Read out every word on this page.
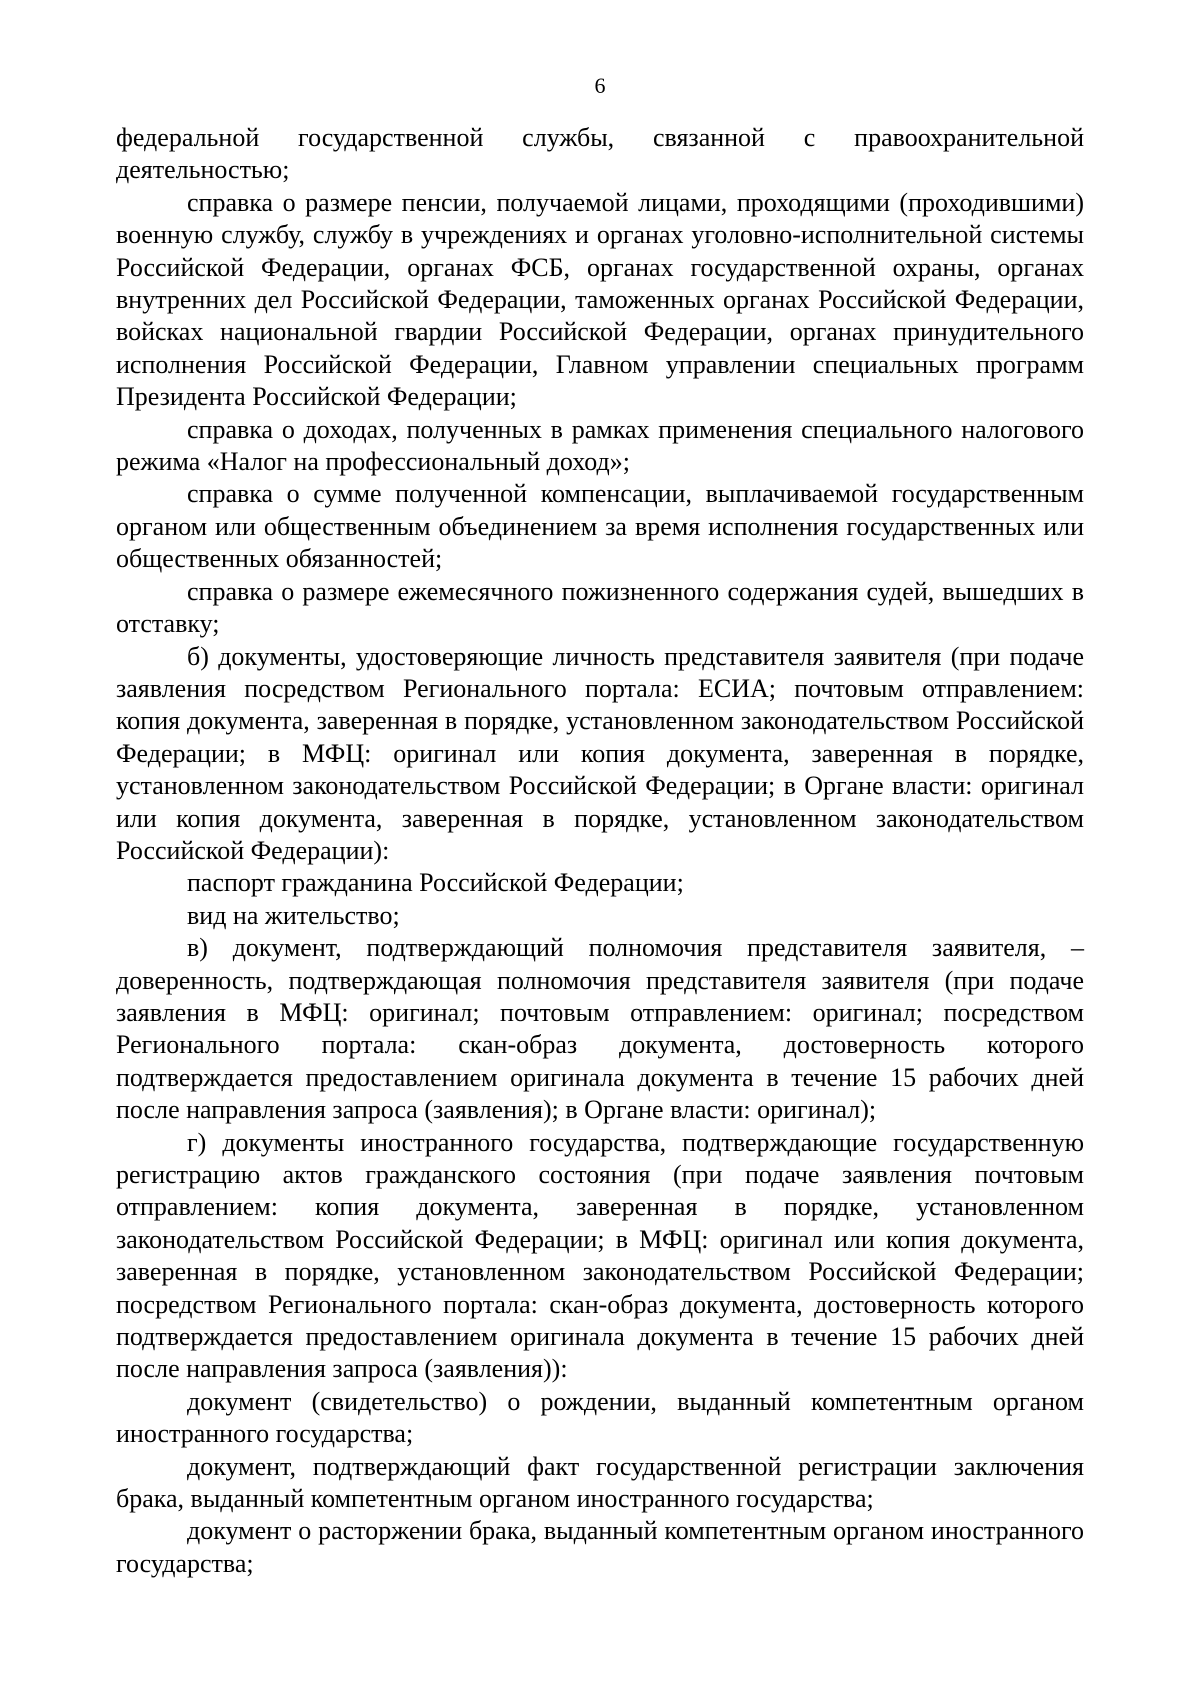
6

федеральной государственной службы, связанной с правоохранительной деятельностью;

справка о размере пенсии, получаемой лицами, проходящими (проходившими) военную службу, службу в учреждениях и органах уголовно-исполнительной системы Российской Федерации, органах ФСБ, органах государственной охраны, органах внутренних дел Российской Федерации, таможенных органах Российской Федерации, войсках национальной гвардии Российской Федерации, органах принудительного исполнения Российской Федерации, Главном управлении специальных программ Президента Российской Федерации;

справка о доходах, полученных в рамках применения специального налогового режима «Налог на профессиональный доход»;

справка о сумме полученной компенсации, выплачиваемой государственным органом или общественным объединением за время исполнения государственных или общественных обязанностей;

справка о размере ежемесячного пожизненного содержания судей, вышедших в отставку;

б) документы, удостоверяющие личность представителя заявителя (при подаче заявления посредством Регионального портала: ЕСИА; почтовым отправлением: копия документа, заверенная в порядке, установленном законодательством Российской Федерации; в МФЦ: оригинал или копия документа, заверенная в порядке, установленном законодательством Российской Федерации; в Органе власти: оригинал или копия документа, заверенная в порядке, установленном законодательством Российской Федерации):

паспорт гражданина Российской Федерации;

вид на жительство;

в) документ, подтверждающий полномочия представителя заявителя, – доверенность, подтверждающая полномочия представителя заявителя (при подаче заявления в МФЦ: оригинал; почтовым отправлением: оригинал; посредством Регионального портала: скан-образ документа, достоверность которого подтверждается предоставлением оригинала документа в течение 15 рабочих дней после направления запроса (заявления); в Органе власти: оригинал);

г) документы иностранного государства, подтверждающие государственную регистрацию актов гражданского состояния (при подаче заявления почтовым отправлением: копия документа, заверенная в порядке, установленном законодательством Российской Федерации; в МФЦ: оригинал или копия документа, заверенная в порядке, установленном законодательством Российской Федерации; посредством Регионального портала: скан-образ документа, достоверность которого подтверждается предоставлением оригинала документа в течение 15 рабочих дней после направления запроса (заявления)):

документ (свидетельство) о рождении, выданный компетентным органом иностранного государства;

документ, подтверждающий факт государственной регистрации заключения брака, выданный компетентным органом иностранного государства;

документ о расторжении брака, выданный компетентным органом иностранного государства;
